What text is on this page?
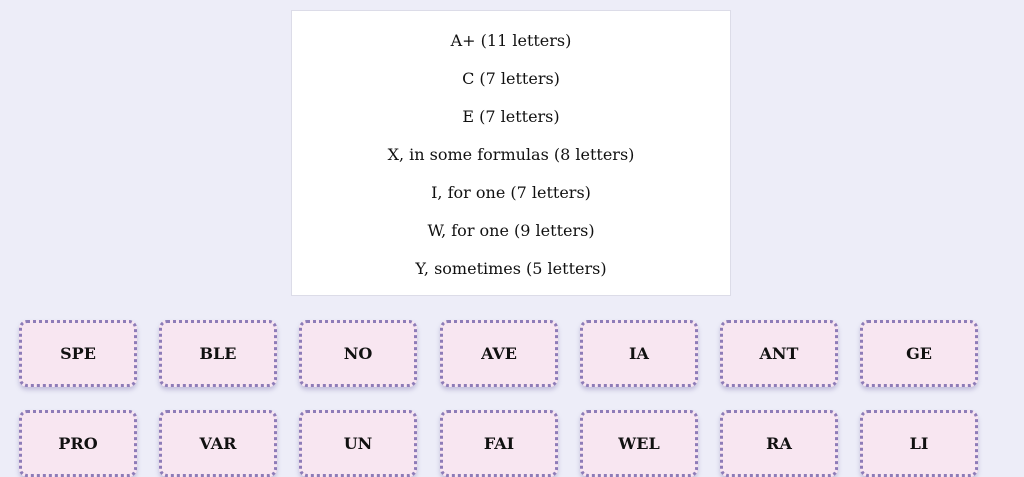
A+ (11 letters)
C (7 letters)
E (7 letters)
X, in some formulas (8 letters)
I, for one (7 letters)
W, for one (9 letters)
Y, sometimes (5 letters)
SPE	BLE	NO	AVE	IA	ANT	GE
PRO	VAR	UN	FAI	WEL	RA	LI
